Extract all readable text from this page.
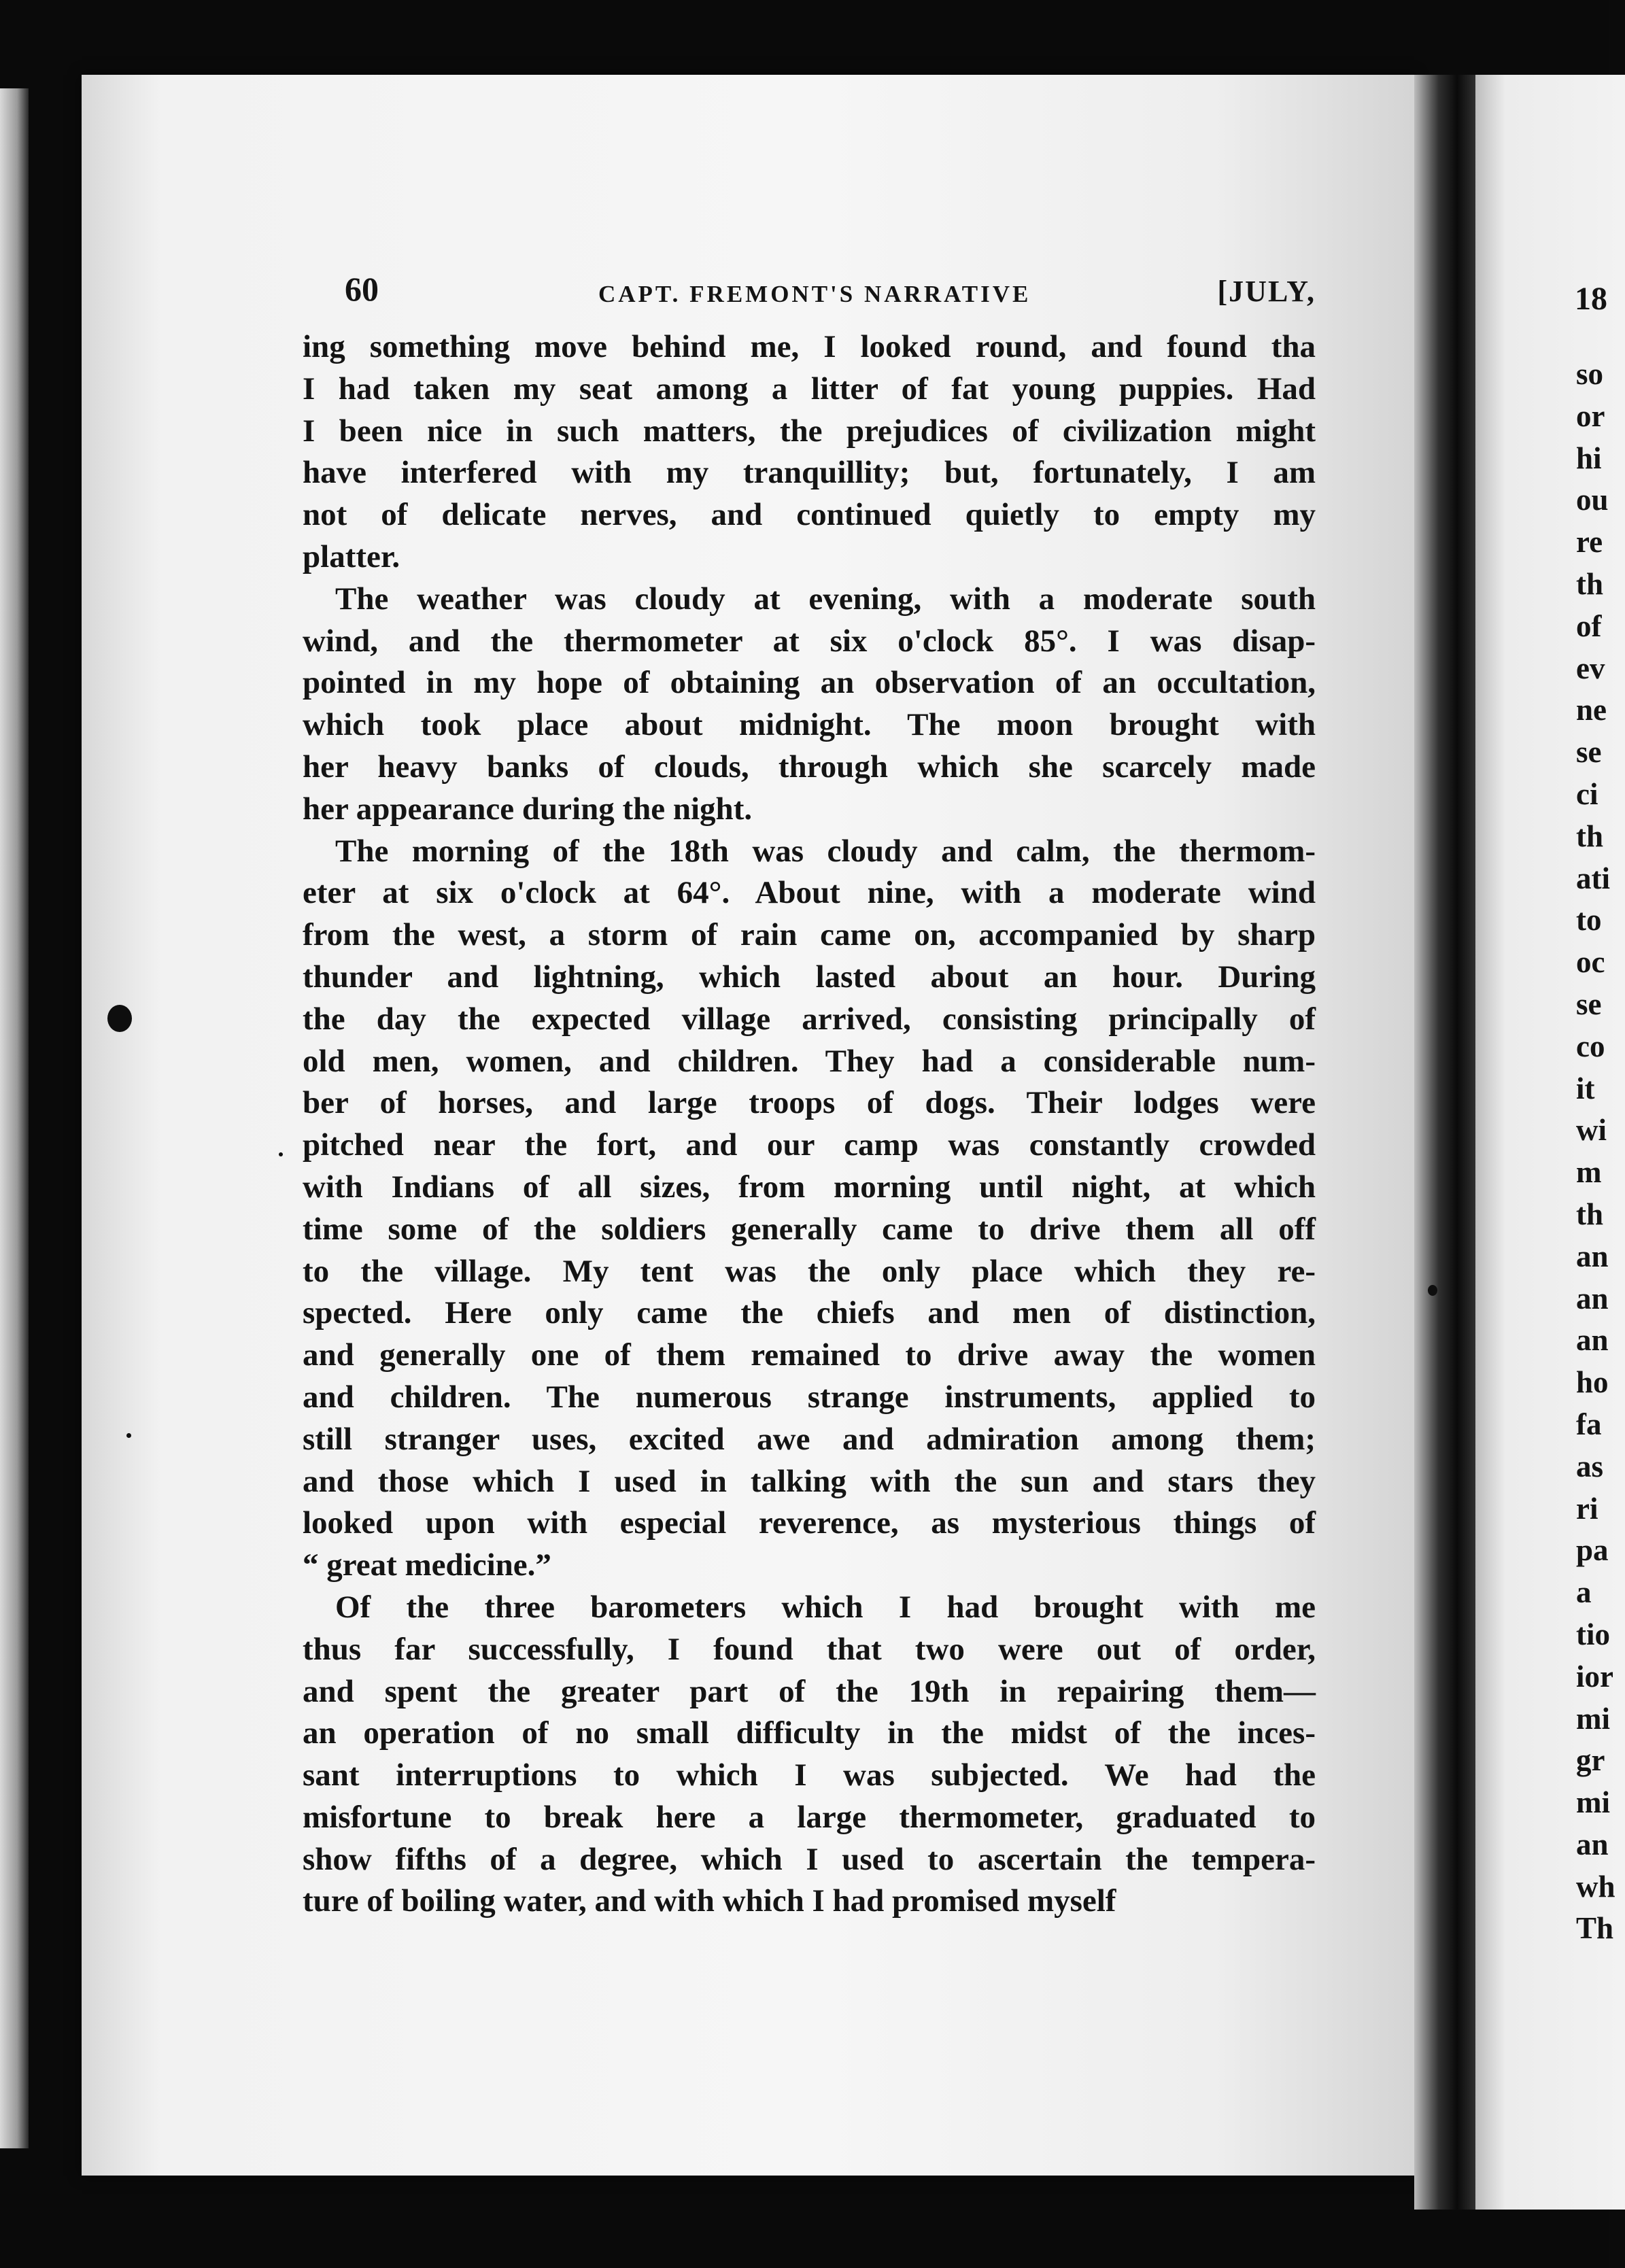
60	CAPT. FREMONT'S NARRATIVE	[JULY,
ing something move behind me, I looked round, and found tha
I had taken my seat among a litter of fat young puppies. Had
I been nice in such matters, the prejudices of civilization might
have interfered with my tranquillity; but, fortunately, I am
not of delicate nerves, and continued quietly to empty my
platter.
The weather was cloudy at evening, with a moderate south
wind, and the thermometer at six o'clock 85°. I was disap-
pointed in my hope of obtaining an observation of an occultation,
which took place about midnight. The moon brought with
her heavy banks of clouds, through which she scarcely made
her appearance during the night.
The morning of the 18th was cloudy and calm, the thermom-
eter at six o'clock at 64°. About nine, with a moderate wind
from the west, a storm of rain came on, accompanied by sharp
thunder and lightning, which lasted about an hour. During
the day the expected village arrived, consisting principally of
old men, women, and children. They had a considerable num-
ber of horses, and large troops of dogs. Their lodges were
pitched near the fort, and our camp was constantly crowded
with Indians of all sizes, from morning until night, at which
time some of the soldiers generally came to drive them all off
to the village. My tent was the only place which they re-
spected. Here only came the chiefs and men of distinction,
and generally one of them remained to drive away the women
and children. The numerous strange instruments, applied to
still stranger uses, excited awe and admiration among them;
and those which I used in talking with the sun and stars they
looked upon with especial reverence, as mysterious things of
“ great medicine.”
Of the three barometers which I had brought with me
thus far successfully, I found that two were out of order,
and spent the greater part of the 19th in repairing them—
an operation of no small difficulty in the midst of the inces-
sant interruptions to which I was subjected. We had the
misfortune to break here a large thermometer, graduated to
show fifths of a degree, which I used to ascertain the tempera-
ture of boiling water, and with which I had promised myself
18
so
or
hi
ou
re
th
of
ev
ne
se
ci
th
ati
to
oc
se
co
it
wi
m
th
an
an
an
ho
fa
as
ri
pa
a
tio
ior
mi
gr
mi
an
wh
Th
